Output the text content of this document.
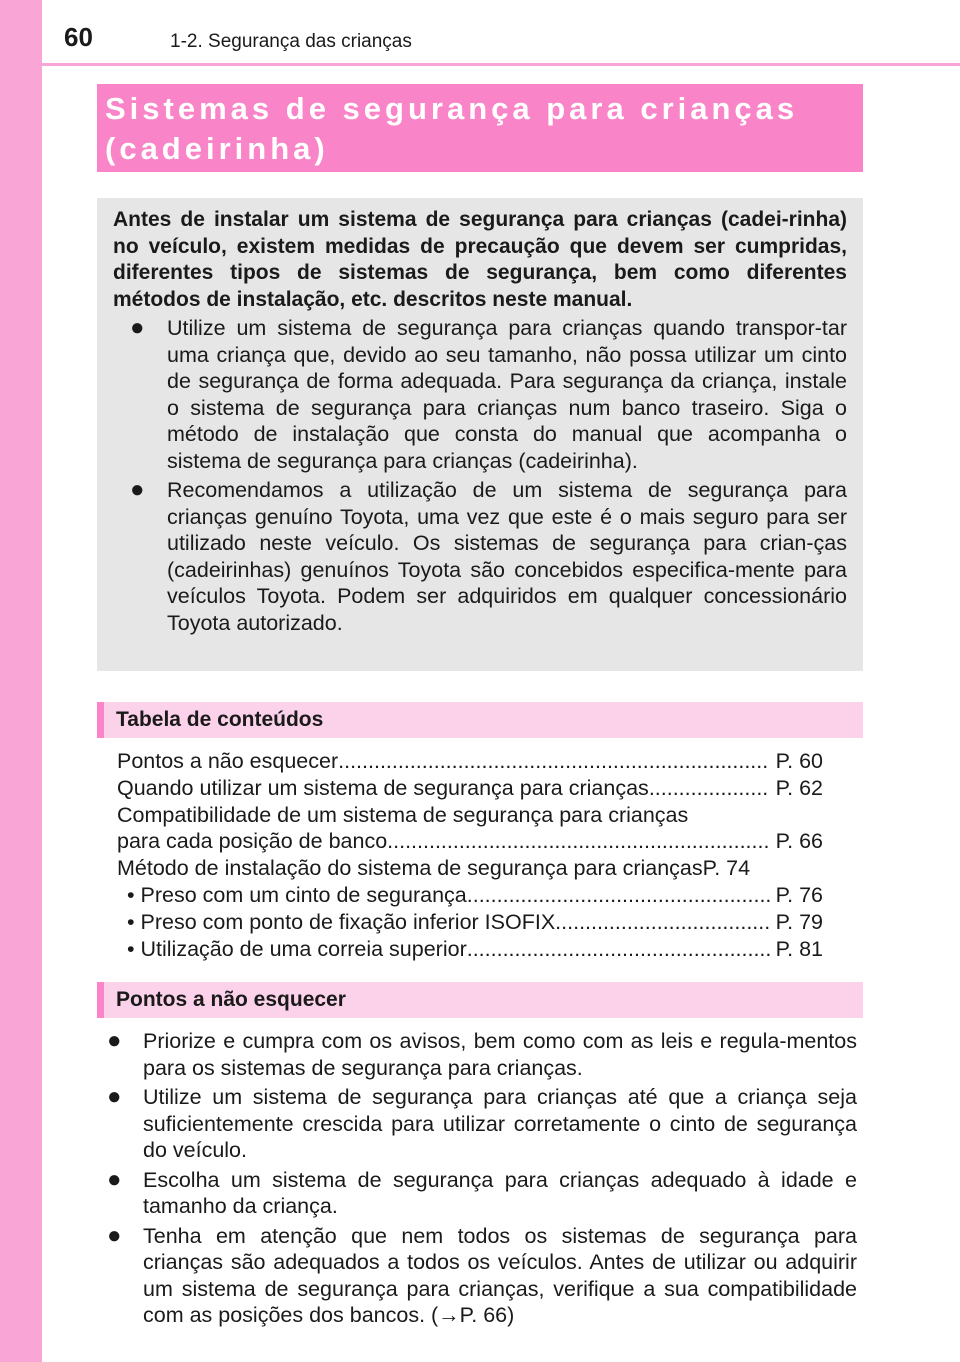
60	1-2. Segurança das crianças
Sistemas de segurança para crianças (cadeirinha)

Antes de instalar um sistema de segurança para crianças (cadei-rinha) no veículo, existem medidas de precaução que devem ser cumpridas, diferentes tipos de sistemas de segurança, bem como diferentes métodos de instalação, etc. descritos neste manual.

● Utilize um sistema de segurança para crianças quando transpor-tar uma criança que, devido ao seu tamanho, não possa utilizar um cinto de segurança de forma adequada. Para segurança da criança, instale o sistema de segurança para crianças num banco traseiro. Siga o método de instalação que consta do manual que acompanha o sistema de segurança para crianças (cadeirinha).
● Recomendamos a utilização de um sistema de segurança para crianças genuíno Toyota, uma vez que este é o mais seguro para ser utilizado neste veículo. Os sistemas de segurança para crian-ças (cadeirinhas) genuínos Toyota são concebidos especifica-mente para veículos Toyota. Podem ser adquiridos em qualquer concessionário Toyota autorizado.
Tabela de conteúdos
Pontos a não esquecer .....	P. 60
Quando utilizar um sistema de segurança para crianças .....	P. 62
Compatibilidade de um sistema de segurança para crianças
para cada posição de banco .....	P. 66
Método de instalação do sistema de segurança para crianças P. 74
• Preso com um cinto de segurança .....	P. 76
• Preso com ponto de fixação inferior ISOFIX .....	P. 79
• Utilização de uma correia superior .....	P. 81
Pontos a não esquecer
● Priorize e cumpra com os avisos, bem como com as leis e regula-mentos para os sistemas de segurança para crianças.
● Utilize um sistema de segurança para crianças até que a criança seja suficientemente crescida para utilizar corretamente o cinto de segurança do veículo.
● Escolha um sistema de segurança para crianças adequado à idade e tamanho da criança.
● Tenha em atenção que nem todos os sistemas de segurança para crianças são adequados a todos os veículos. Antes de utilizar ou adquirir um sistema de segurança para crianças, verifique a sua compatibilidade com as posições dos bancos. (→P. 66)
